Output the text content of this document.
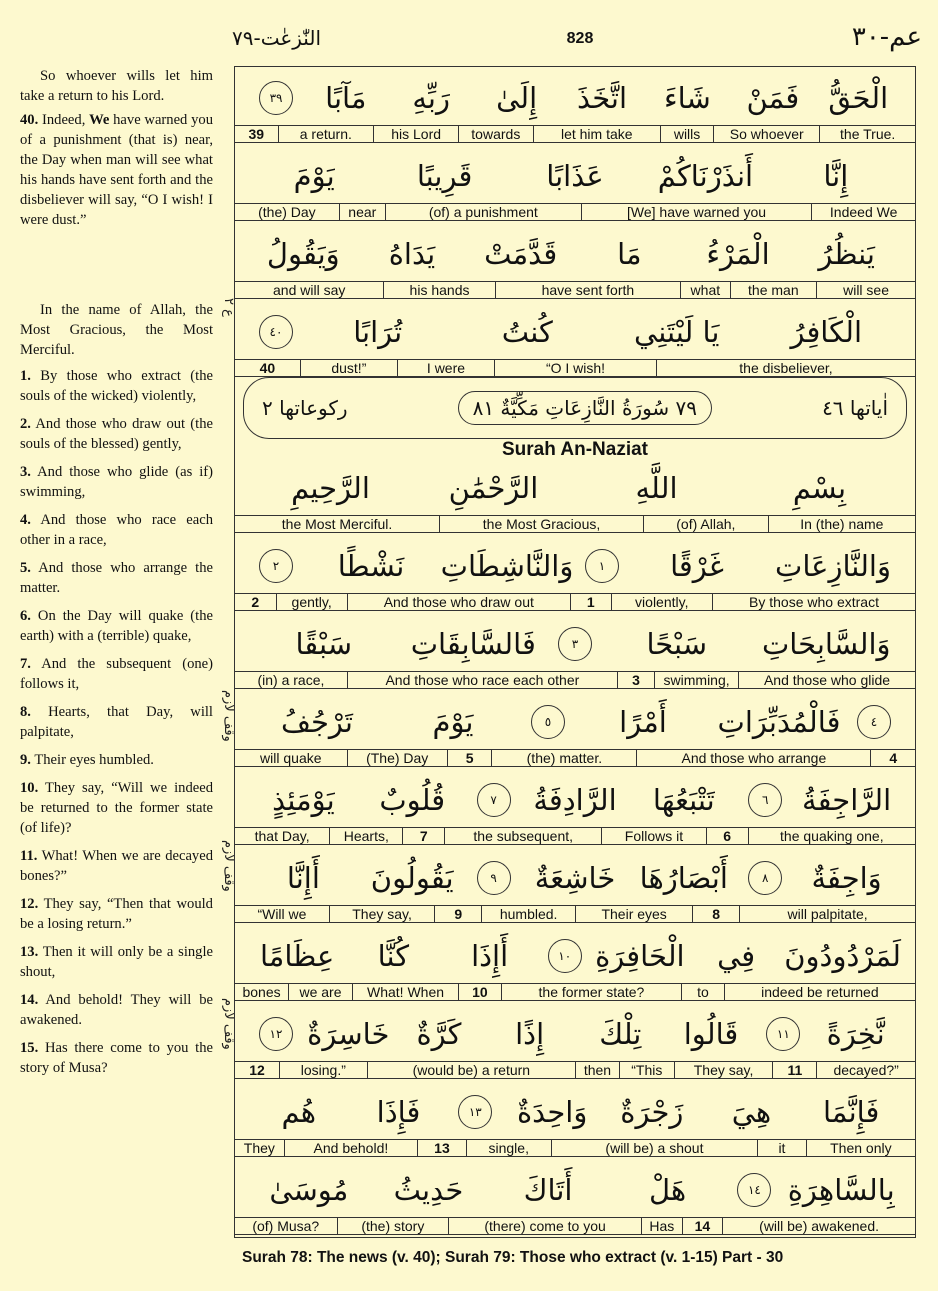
عم-٣٠
828
النّٰزعٰت-٧٩
So whoever wills let him take a return to his Lord.
40. Indeed, We have warned you of a punishment (that is) near, the Day when man will see what his hands have sent forth and the disbeliever will say, “O I wish! I were dust.”
In the name of Allah, the Most Gracious, the Most Merciful.
1. By those who extract (the souls of the wicked) violently,
2. And those who draw out (the souls of the blessed) gently,
3. And those who glide (as if) swimming,
4. And those who race each other in a race,
5. And those who arrange the matter.
6. On the Day will quake (the earth) with a (terrible) quake,
7. And the subsequent (one) follows it,
8. Hearts, that Day, will palpitate,
9. Their eyes humbled.
10. They say, “Will we indeed be returned to the former state (of life)?
11. What! When we are decayed bones?”
12. They say, “Then that would be a losing return.”
13. Then it will only be a single shout,
14. And behold! They will be awakened.
15. Has there come to you the story of Musa?
ع ٢
وقف لازم
وقف لازم
وقف لازم
اٰياتها ٤٦
٧٩ سُورَةُ النَّازِعَاتِ مَكِّيَّةٌ ٨١
رکوعاتها ٢
Surah An-Naziat
الْحَقُّ
فَمَنْ
شَاءَ
اتَّخَذَ
إِلَىٰ
رَبِّهِ
مَآبًا
٣٩
the True.
So whoever
wills
let him take
towards
his Lord
a return.
39
إِنَّا
أَنذَرْنَاكُمْ
عَذَابًا
قَرِيبًا
يَوْمَ
Indeed We
[We] have warned you
(of) a punishment
near
(the) Day
يَنظُرُ
الْمَرْءُ
مَا
قَدَّمَتْ
يَدَاهُ
وَيَقُولُ
will see
the man
what
have sent forth
his hands
and will say
الْكَافِرُ
يَا لَيْتَنِي
كُنتُ
تُرَابًا
٤٠
the disbeliever,
“O I wish!
I were
dust!”
40
بِسْمِ
اللَّهِ
الرَّحْمَٰنِ
الرَّحِيمِ
In (the) name
(of) Allah,
the Most Gracious,
the Most Merciful.
وَالنَّازِعَاتِ
غَرْقًا
١
وَالنَّاشِطَاتِ
نَشْطًا
٢
By those who extract
violently,
1
And those who draw out
gently,
2
وَالسَّابِحَاتِ
سَبْحًا
٣
فَالسَّابِقَاتِ
سَبْقًا
And those who glide
swimming,
3
And those who race each other
(in) a race,
٤
فَالْمُدَبِّرَاتِ
أَمْرًا
٥
يَوْمَ
تَرْجُفُ
4
And those who arrange
(the) matter.
5
(The) Day
will quake
الرَّاجِفَةُ
٦
تَتْبَعُهَا
الرَّادِفَةُ
٧
قُلُوبٌ
يَوْمَئِذٍ
the quaking one,
6
Follows it
the subsequent,
7
Hearts,
that Day,
وَاجِفَةٌ
٨
أَبْصَارُهَا
خَاشِعَةٌ
٩
يَقُولُونَ
أَإِنَّا
will palpitate,
8
Their eyes
humbled.
9
They say,
“Will we
لَمَرْدُودُونَ
فِي
الْحَافِرَةِ
١٠
أَإِذَا
كُنَّا
عِظَامًا
indeed be returned
to
the former state?
10
What! When
we are
bones
نَّخِرَةً
١١
قَالُوا
تِلْكَ
إِذًا
كَرَّةٌ
خَاسِرَةٌ
١٢
decayed?”
11
They say,
“This
then
(would be) a return
losing.”
12
فَإِنَّمَا
هِيَ
زَجْرَةٌ
وَاحِدَةٌ
١٣
فَإِذَا
هُم
Then only
it
(will be) a shout
single,
13
And behold!
They
بِالسَّاهِرَةِ
١٤
هَلْ
أَتَاكَ
حَدِيثُ
مُوسَىٰ
(will be) awakened.
14
Has
(there) come to you
(the) story
(of) Musa?
Surah 78: The news (v. 40); Surah 79: Those who extract (v. 1-15) Part - 30
